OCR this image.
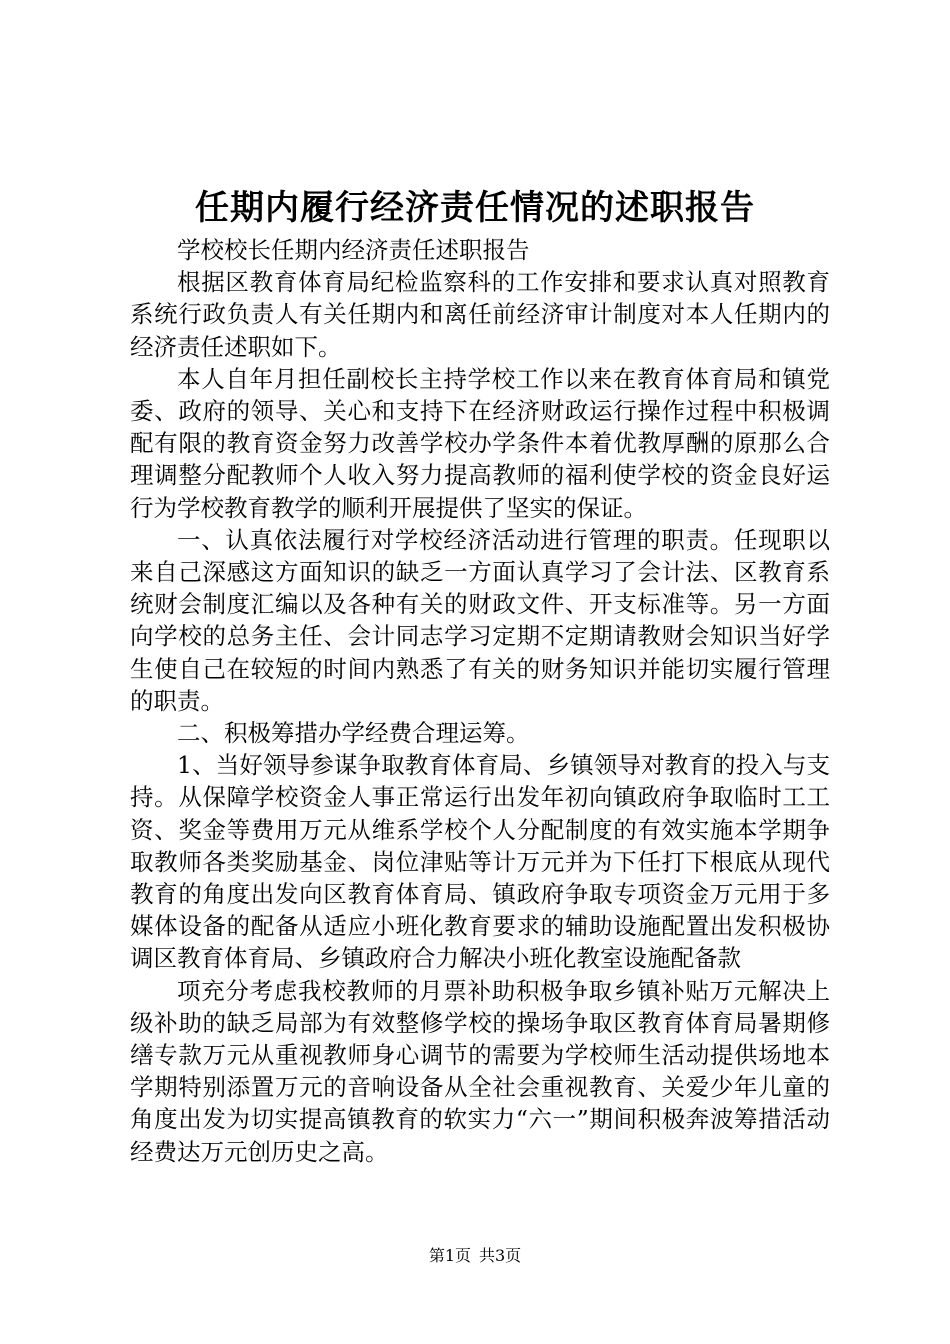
任期内履行经济责任情况的述职报告

学校校长任期内经济责任述职报告

根据区教育体育局纪检监察科的工作安排和要求认真对照教育系统行政负责人有关任期内和离任前经济审计制度对本人任期内的经济责任述职如下。

本人自年月担任副校长主持学校工作以来在教育体育局和镇党委、政府的领导、关心和支持下在经济财政运行操作过程中积极调配有限的教育资金努力改善学校办学条件本着优教厚酬的原那么合理调整分配教师个人收入努力提高教师的福利使学校的资金良好运行为学校教育教学的顺利开展提供了坚实的保证。

一、认真依法履行对学校经济活动进行管理的职责。任现职以来自己深感这方面知识的缺乏一方面认真学习了会计法、区教育系统财会制度汇编以及各种有关的财政文件、开支标准等。另一方面向学校的总务主任、会计同志学习定期不定期请教财会知识当好学生使自己在较短的时间内熟悉了有关的财务知识并能切实履行管理的职责。

二、积极筹措办学经费合理运筹。

1、当好领导参谋争取教育体育局、乡镇领导对教育的投入与支持。从保障学校资金人事正常运行出发年初向镇政府争取临时工工资、奖金等费用万元从维系学校个人分配制度的有效实施本学期争取教师各类奖励基金、岗位津贴等计万元并为下任打下根底从现代教育的角度出发向区教育体育局、镇政府争取专项资金万元用于多媒体设备的配备从适应小班化教育要求的辅助设施配置出发积极协调区教育体育局、乡镇政府合力解决小班化教室设施配备款

项充分考虑我校教师的月票补助积极争取乡镇补贴万元解决上级补助的缺乏局部为有效整修学校的操场争取区教育体育局暑期修缮专款万元从重视教师身心调节的需要为学校师生活动提供场地本学期特别添置万元的音响设备从全社会重视教育、关爱少年儿童的角度出发为切实提高镇教育的软实力“六一”期间积极奔波筹措活动经费达万元创历史之高。

第1页 共3页
